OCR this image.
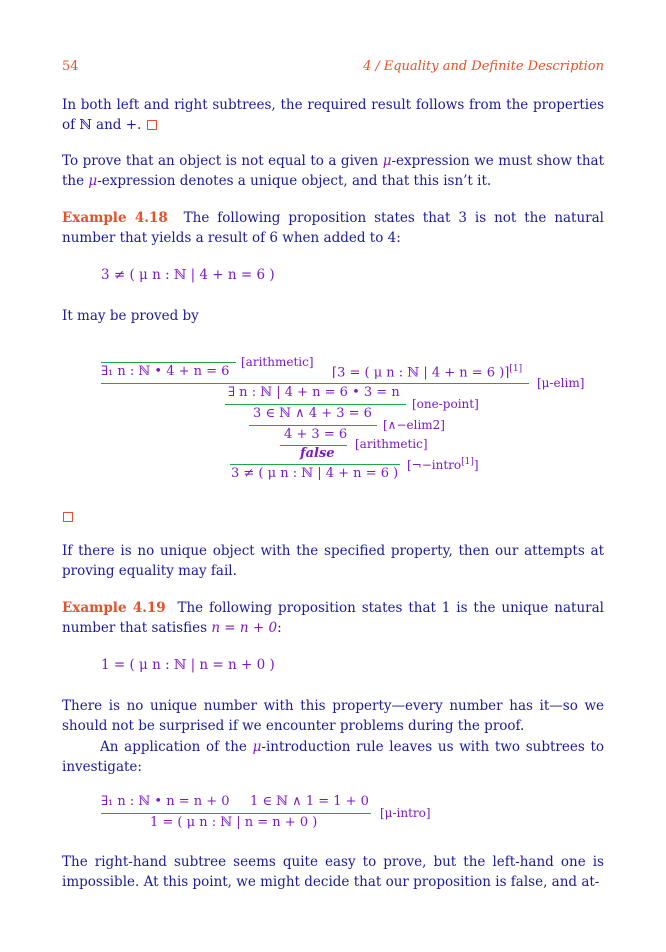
54	4 / Equality and Definite Description

In both left and right subtrees, the required result follows from the properties of ℕ and +.

To prove that an object is not equal to a given μ-expression we must show that the μ-expression denotes a unique object, and that this isn’t it.

Example 4.18 The following proposition states that 3 is not the natural number that yields a result of 6 when added to 4:

3 ≠ ( μ n : ℕ | 4 + n = 6 )

It may be proved by

∃₁ n : ℕ • 4 + n = 6
[arithmetic]
⌈3 = ( μ n : ℕ | 4 + n = 6 )⌉[1]
[μ-elim]
∃ n : ℕ | 4 + n = 6 • 3 = n
[one-point]
3 ∈ ℕ ∧ 4 + 3 = 6
[∧−elim2]
4 + 3 = 6
[arithmetic]
false
[¬−intro[1]]
3 ≠ ( μ n : ℕ | 4 + n = 6 )

If there is no unique object with the specified property, then our attempts at proving equality may fail.

Example 4.19 The following proposition states that 1 is the unique natural number that satisfies n = n + 0:

1 = ( μ n : ℕ | n = n + 0 )

There is no unique number with this property—every number has it—so we should not be surprised if we encounter problems during the proof.

An application of the μ-introduction rule leaves us with two subtrees to investigate:

∃₁ n : ℕ • n = n + 0 1 ∈ ℕ ∧ 1 = 1 + 0
[μ-intro]
1 = ( μ n : ℕ | n = n + 0 )

The right-hand subtree seems quite easy to prove, but the left-hand one is impossible. At this point, we might decide that our proposition is false, and at-
